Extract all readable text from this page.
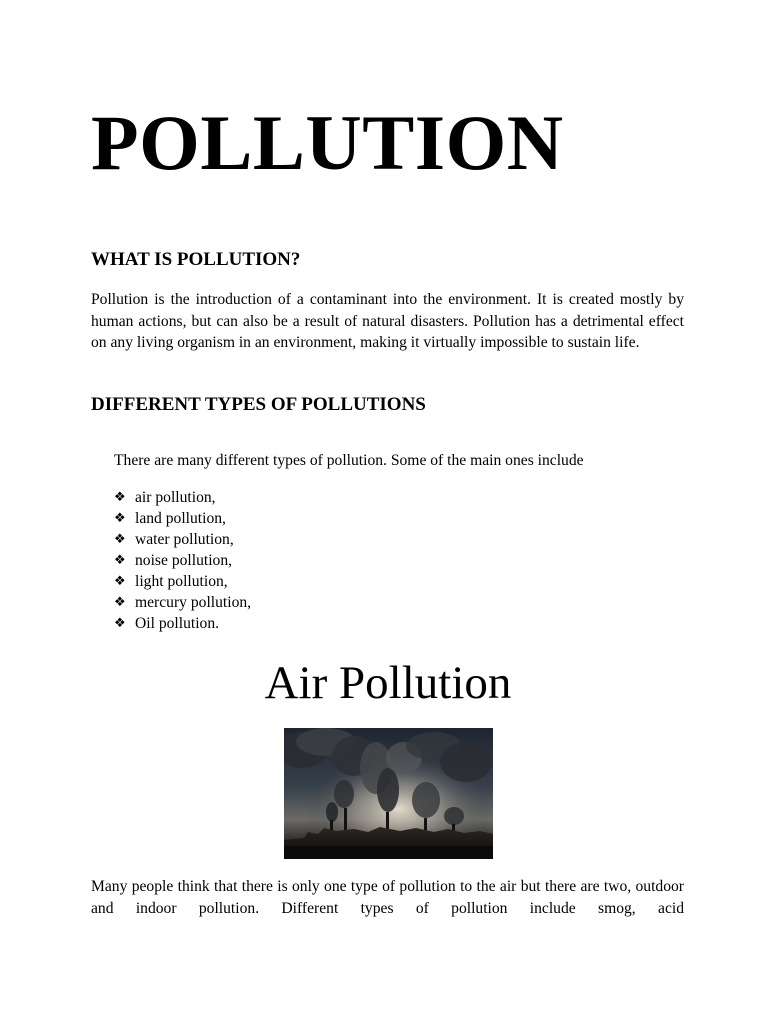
POLLUTION
WHAT IS POLLUTION?

Pollution is the introduction of a contaminant into the environment. It is created mostly by human actions, but can also be a result of natural disasters. Pollution has a detrimental effect on any living organism in an environment, making it virtually impossible to sustain life.

DIFFERENT TYPES OF POLLUTIONS

There are many different types of pollution. Some of the main ones include

❖ air pollution,
❖ land pollution,
❖ water pollution,
❖ noise pollution,
❖ light pollution,
❖ mercury pollution,
❖ Oil pollution.
Air Pollution

Many people think that there is only one type of pollution to the air but there are two, outdoor and indoor pollution. Different types of pollution include smog, acid
